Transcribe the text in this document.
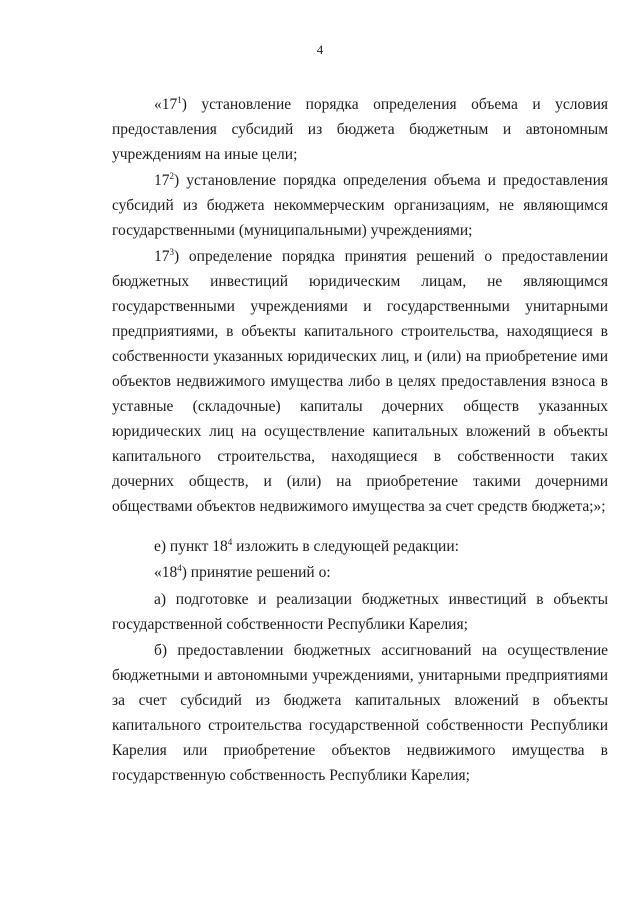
4

«$17^1$) установление порядка определения объема и условия предоставления субсидий из бюджета бюджетным и автономным учреждениям на иные цели;

$17^2$) установление порядка определения объема и предоставления субсидий из бюджета некоммерческим организациям, не являющимся государственными (муниципальными) учреждениями;

$17^3$) определение порядка принятия решений о предоставлении бюджетных инвестиций юридическим лицам, не являющимся государственными учреждениями и государственными унитарными предприятиями, в объекты капитального строительства, находящиеся в собственности указанных юридических лиц, и (или) на приобретение ими объектов недвижимого имущества либо в целях предоставления взноса в уставные (складочные) капиталы дочерних обществ указанных юридических лиц на осуществление капитальных вложений в объекты капитального строительства, находящиеся в собственности таких дочерних обществ, и (или) на приобретение такими дочерними обществами объектов недвижимого имущества за счет средств бюджета;»;

е) пункт $18^4$ изложить в следующей редакции:

«$18^4$) принятие решений о:

а) подготовке и реализации бюджетных инвестиций в объекты государственной собственности Республики Карелия;

б) предоставлении бюджетных ассигнований на осуществление бюджетными и автономными учреждениями, унитарными предприятиями за счет субсидий из бюджета капитальных вложений в объекты капитального строительства государственной собственности Республики Карелия или приобретение объектов недвижимого имущества в государственную собственность Республики Карелия;
